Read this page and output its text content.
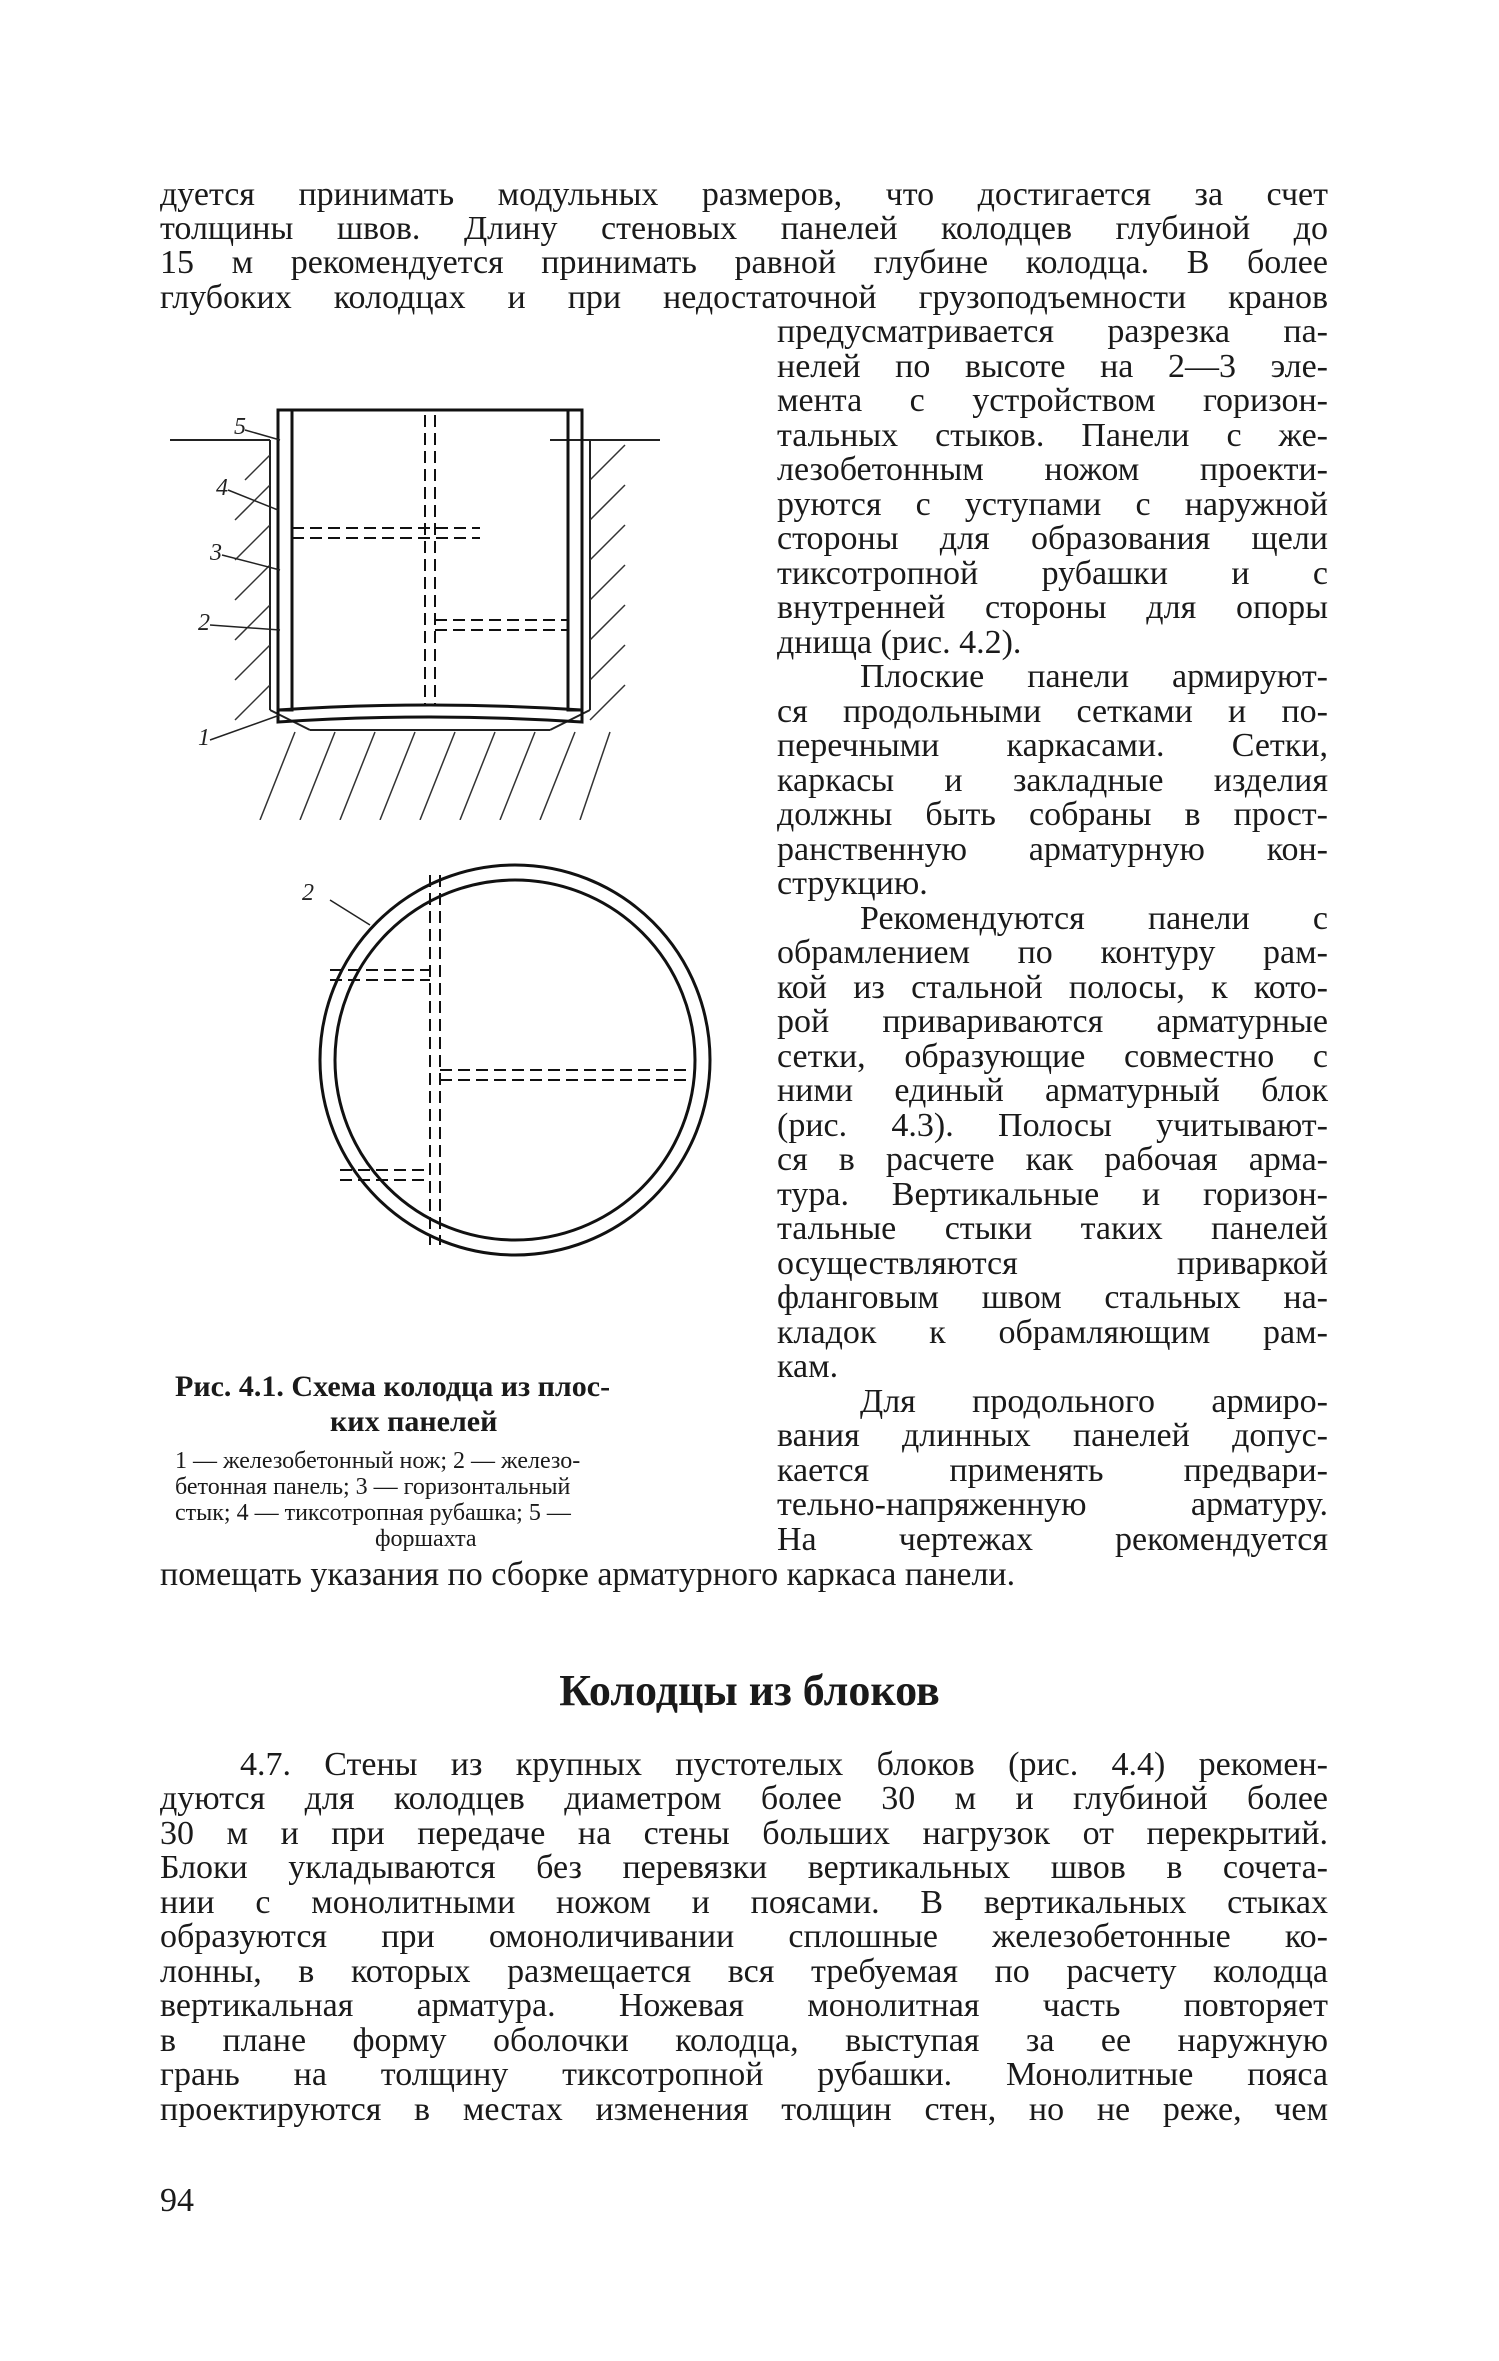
дуется принимать модульных размеров, что достигается за счет
толщины швов. Длину стеновых панелей колодцев глубиной до
15 м рекомендуется принимать равной глубине колодца. В более
глубоких колодцах и при недостаточной грузоподъемности кранов
предусматривается разрезка па-
нелей по высоте на 2—3 эле-
мента с устройством горизон-
тальных стыков. Панели с же-
лезобетонным ножом проекти-
руются с уступами с наружной
стороны для образования щели
тиксотропной рубашки и с
внутренней стороны для опоры
днища (рис. 4.2).
Плоские панели армируют-
ся продольными сетками и по-
перечными каркасами. Сетки,
каркасы и закладные изделия
должны быть собраны в прост-
ранственную арматурную кон-
струкцию.
Рекомендуются панели с
обрамлением по контуру рам-
кой из стальной полосы, к кото-
рой привариваются арматурные
сетки, образующие совместно с
ними единый арматурный блок
(рис. 4.3). Полосы учитывают-
ся в расчете как рабочая арма-
тура. Вертикальные и горизон-
тальные стыки таких панелей
осуществляются приваркой
фланговым швом стальных на-
кладок к обрамляющим рам-
кам.
Для продольного армиро-
вания длинных панелей допус-
кается применять предвари-
тельно-напряженную арматуру.
На чертежах рекомендуется
помещать указания по сборке арматурного каркаса панели.
5
4
3
2
1
2
Рис. 4.1. Схема колодца из плос-
ких панелей
1 — железобетонный нож; 2 — железо-
бетонная панель; 3 — горизонтальный
стык; 4 — тиксотропная рубашка; 5 —
форшахта
Колодцы из блоков
4.7. Стены из крупных пустотелых блоков (рис. 4.4) рекомен-
дуются для колодцев диаметром более 30 м и глубиной более
30 м и при передаче на стены больших нагрузок от перекрытий.
Блоки укладываются без перевязки вертикальных швов в сочета-
нии с монолитными ножом и поясами. В вертикальных стыках
образуются при омоноличивании сплошные железобетонные ко-
лонны, в которых размещается вся требуемая по расчету колодца
вертикальная арматура. Ножевая монолитная часть повторяет
в плане форму оболочки колодца, выступая за ее наружную
грань на толщину тиксотропной рубашки. Монолитные пояса
проектируются в местах изменения толщин стен, но не реже, чем
94
